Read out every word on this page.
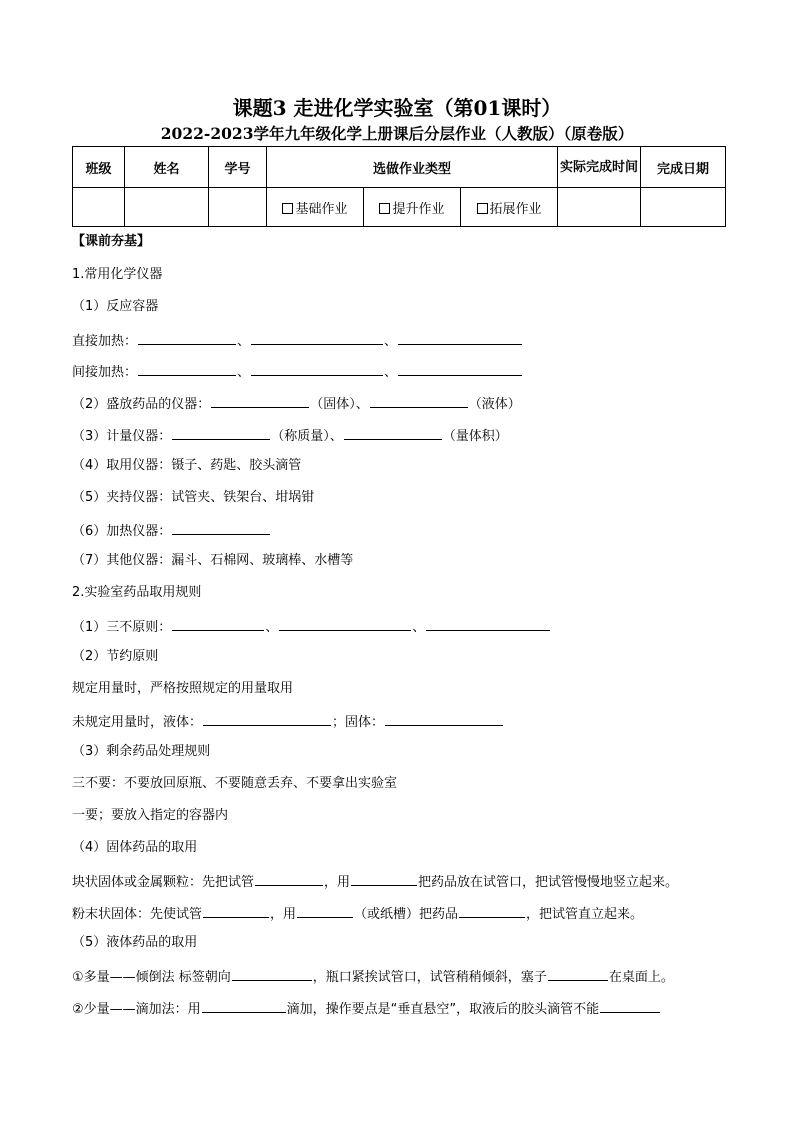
课题3 走进化学实验室（第01课时）
2022-2023学年九年级化学上册课后分层作业（人教版）（原卷版）
班级	姓名	学号	选做作业类型			实际完成时间	完成日期
			基础作业	提升作业	拓展作业		
【课前夯基】
1.常用化学仪器
（1）反应容器
直接加热：	、	、
间接加热：	、	、
（2）盛放药品的仪器：	（固体）、	（液体）
（3）计量仪器：	（称质量）、	（量体积）
（4）取用仪器：镊子、药匙、胶头滴管
（5）夹持仪器：试管夹、铁架台、坩埚钳
（6）加热仪器：
（7）其他仪器：漏斗、石棉网、玻璃棒、水槽等
2.实验室药品取用规则
（1）三不原则：	、	、
（2）节约原则
规定用量时，严格按照规定的用量取用
未规定用量时，液体：	；固体：
（3）剩余药品处理规则
三不要：不要放回原瓶、不要随意丢弃、不要拿出实验室
一要；要放入指定的容器内
（4）固体药品的取用
块状固体或金属颗粒：先把试管	，用	把药品放在试管口，把试管慢慢地竖立起来。
粉末状固体：先使试管	，用	（或纸槽）把药品	，把试管直立起来。
（5）液体药品的取用
①多量——倾倒法 标签朝向	，瓶口紧挨试管口，试管稍稍倾斜，塞子	在桌面上。
②少量——滴加法：用	滴加，操作要点是“垂直悬空”，取液后的胶头滴管不能
